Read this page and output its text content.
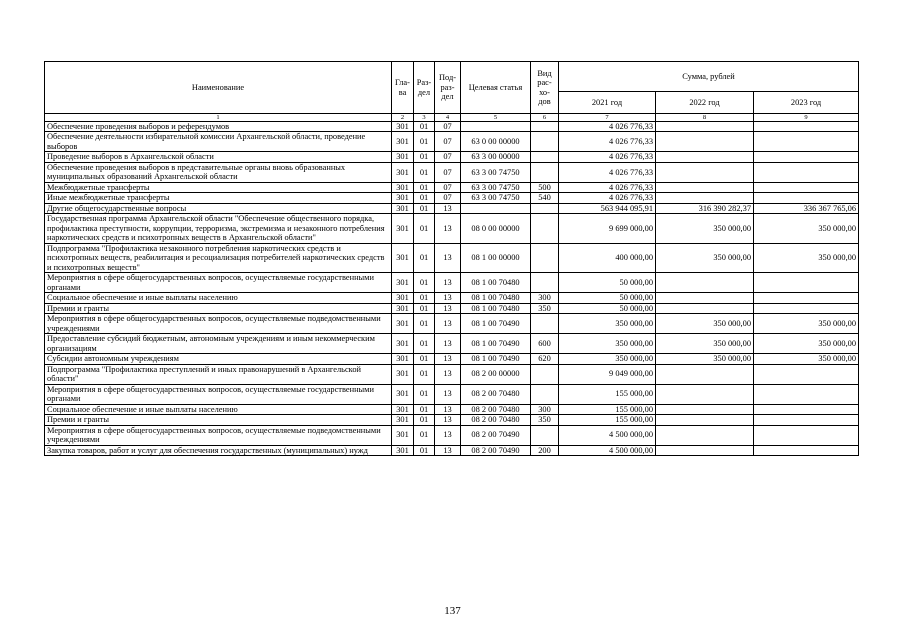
Наименование	Гла- ва	Раз- дел	Под- раз- дел	Целевая статья	Вид рас- хо- дов	Сумма, рублей		
						2021 год	2022 год	2023 год
1	2	3	4	5	6	7	8	9
Обеспечение проведения выборов и референдумов	301	01	07			4 026 776,33		
Обеспечение деятельности избирательной комиссии Архангельской области, проведение выборов	301	01	07	63 0 00 00000		4 026 776,33		
Проведение выборов в Архангельской области	301	01	07	63 3 00 00000		4 026 776,33		
Обеспечение проведения выборов в представительные органы вновь образованных муниципальных образований Архангельской области	301	01	07	63 3 00 74750		4 026 776,33		
Межбюджетные трансферты	301	01	07	63 3 00 74750	500	4 026 776,33		
Иные межбюджетные трансферты	301	01	07	63 3 00 74750	540	4 026 776,33		
Другие общегосударственные вопросы	301	01	13			563 944 095,91	316 390 282,37	336 367 765,06
Государственная программа Архангельской области "Обеспечение общественного порядка, профилактика преступности, коррупции, терроризма, экстремизма и незаконного потребления наркотических средств и психотропных веществ в Архангельской области"	301	01	13	08 0 00 00000		9 699 000,00	350 000,00	350 000,00
Подпрограмма "Профилактика незаконного потребления наркотических средств и психотропных веществ, реабилитация и ресоциализация потребителей наркотических средств и психотропных веществ"	301	01	13	08 1 00 00000		400 000,00	350 000,00	350 000,00
Мероприятия в сфере общегосударственных вопросов, осуществляемые государственными органами	301	01	13	08 1 00 70480		50 000,00		
Социальное обеспечение и иные выплаты населению	301	01	13	08 1 00 70480	300	50 000,00		
Премии и гранты	301	01	13	08 1 00 70480	350	50 000,00		
Мероприятия в сфере общегосударственных вопросов, осуществляемые подведомственными учреждениями	301	01	13	08 1 00 70490		350 000,00	350 000,00	350 000,00
Предоставление субсидий бюджетным, автономным учреждениям и иным некоммерческим организациям	301	01	13	08 1 00 70490	600	350 000,00	350 000,00	350 000,00
Субсидии автономным учреждениям	301	01	13	08 1 00 70490	620	350 000,00	350 000,00	350 000,00
Подпрограмма "Профилактика преступлений и иных правонарушений в Архангельской области"	301	01	13	08 2 00 00000		9 049 000,00		
Мероприятия в сфере общегосударственных вопросов, осуществляемые государственными органами	301	01	13	08 2 00 70480		155 000,00		
Социальное обеспечение и иные выплаты населению	301	01	13	08 2 00 70480	300	155 000,00		
Премии и гранты	301	01	13	08 2 00 70480	350	155 000,00		
Мероприятия в сфере общегосударственных вопросов, осуществляемые подведомственными учреждениями	301	01	13	08 2 00 70490		4 500 000,00		
Закупка товаров, работ и услуг для обеспечения государственных (муниципальных) нужд	301	01	13	08 2 00 70490	200	4 500 000,00		
137
